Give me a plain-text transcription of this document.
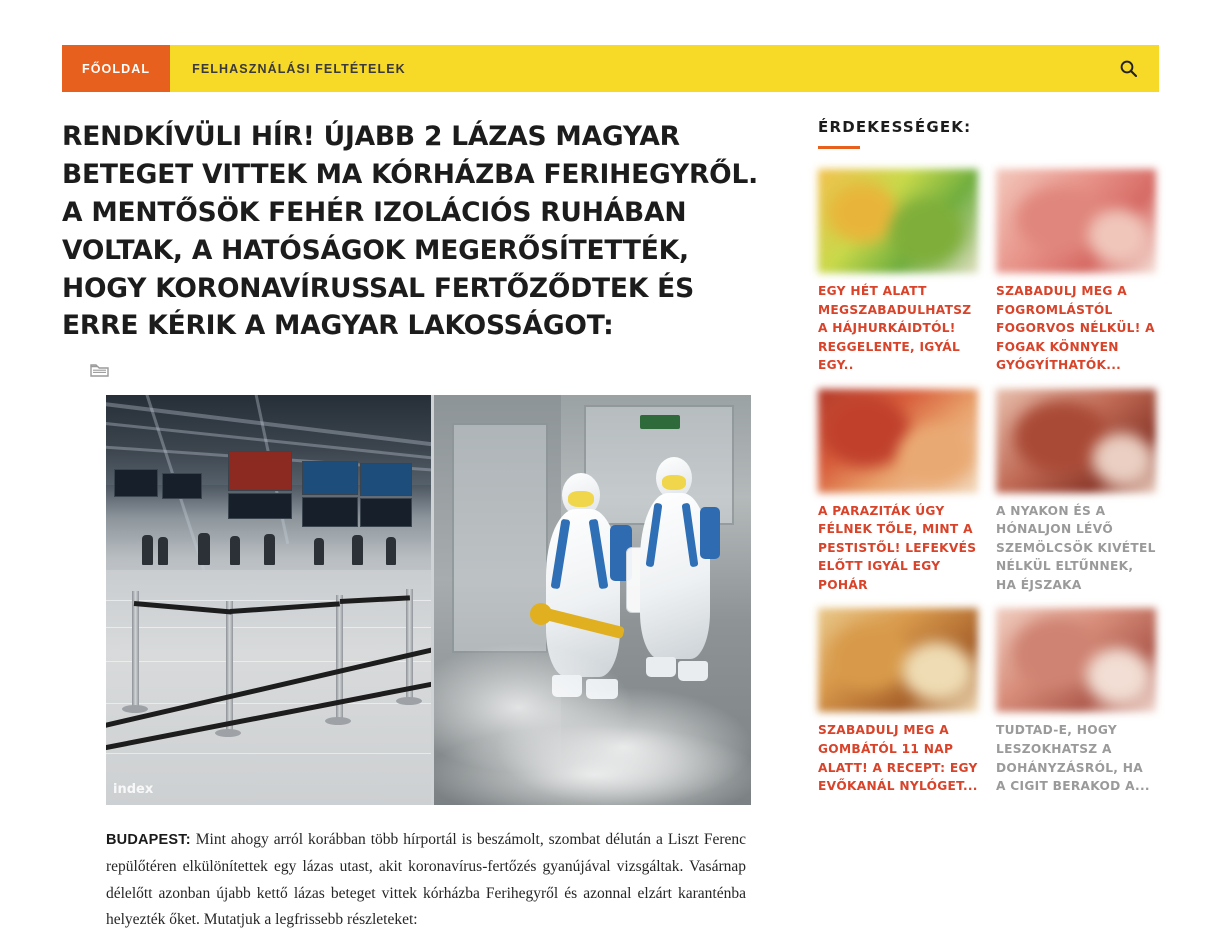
FŐOLDAL	FELHASZNÁLÁSI FELTÉTELEK
RENDKÍVÜLI HÍR! ÚJABB 2 LÁZAS MAGYAR BETEGET VITTEK MA KÓRHÁZBA FERIHEGYRŐL. A MENTŐSÖK FEHÉR IZOLÁCIÓS RUHÁBAN VOLTAK, A HATÓSÁGOK MEGERŐSÍTETTÉK, HOGY KORONAVÍRUSSAL FERTŐZŐDTEK ÉS ERRE KÉRIK A MAGYAR LAKOSSÁGOT:
index

BUDAPEST: Mint ahogy arról korábban több hírportál is beszámolt, szombat délután a Liszt Ferenc repülőtéren elkülönítettek egy lázas utast, akit koronavírus-fertőzés gyanújával vizsgáltak. Vasárnap délelőtt azonban újabb kettő lázas beteget vittek kórházba Ferihegyről és azonnal elzárt karanténba helyezték őket. Mutatjuk a legfrissebb részleteket:

ÉRDEKESSÉGEK:
EGY HÉT ALATT MEGSZABADULHATSZ A HÁJHURKÁIDTÓL! REGGELENTE, IGYÁL EGY..
SZABADULJ MEG A FOGROMLÁSTÓL FOGORVOS NÉLKÜL! A FOGAK KÖNNYEN GYÓGYÍTHATÓK...
A PARAZITÁK ÚGY FÉLNEK TŐLE, MINT A PESTISTŐL! LEFEKVÉS ELŐTT IGYÁL EGY POHÁR
A NYAKON ÉS A HÓNALJON LÉVŐ SZEMÖLCSÖK KIVÉTEL NÉLKÜL ELTŰNNEK, HA ÉJSZAKA
SZABADULJ MEG A GOMBÁTÓL 11 NAP ALATT! A RECEPT: EGY EVŐKANÁL NYLÓGET...
TUDTAD-E, HOGY LESZOKHATSZ A DOHÁNYZÁSRÓL, HA A CIGIT BERAKOD A...
